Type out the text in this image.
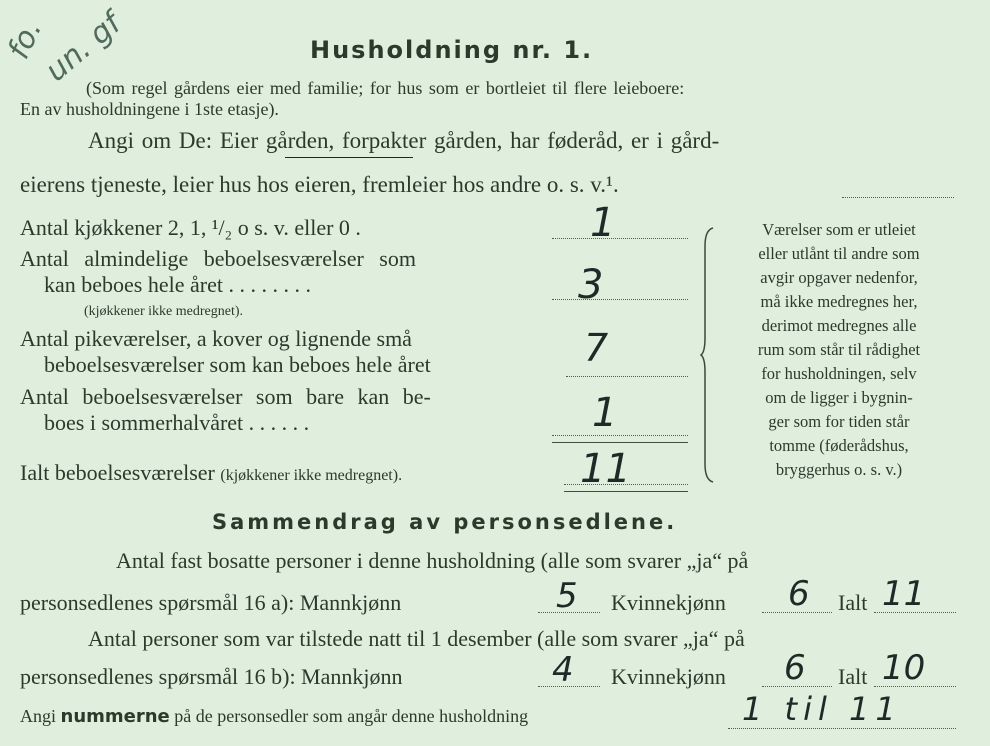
fo.
un. gf	Husholdning nr. 1.
(Som regel gårdens eier med familie; for hus som er bortleiet til flere leieboere:
En av husholdningene i 1ste etasje).
Angi om De: Eier gården, forpakter gården, har føderåd, er i gård-
eierens tjeneste, leier hus hos eieren, fremleier hos andre o. s. v.¹.
Antal kjøkkener 2, 1, ¹/₂ o s. v. eller 0 .	1
Antal almindelige beboelsesværelser som
kan beboes hele året . . . . . . . .
(kjøkkener ikke medregnet).
3
Antal pikeværelser, a kover og lignende små
beboelsesværelser som kan beboes hele året	7
Antal beboelsesværelser som bare kan be-
boes i sommerhalvåret . . . . . .	1
Ialt beboelsesværelser (kjøkkener ikke medregnet).	11
Værelser som er utleiet
eller utlånt til andre som
avgir opgaver nedenfor,
må ikke medregnes her,
derimot medregnes alle
rum som står til rådighet
for husholdningen, selv
om de ligger i bygnin-
ger som for tiden står
tomme (føderådshus,
bryggerhus o. s. v.)
Sammendrag av personsedlene.
Antal fast bosatte personer i denne husholdning (alle som svarer „ja“ på
personsedlenes spørsmål 16 a): Mannkjønn	5 Kvinnekjønn 6 Ialt 11
Antal personer som var tilstede natt til 1 desember (alle som svarer „ja“ på
personsedlenes spørsmål 16 b): Mannkjønn	4 Kvinnekjønn 6 Ialt 10
Angi nummerne på de personsedler som angår denne husholdning	1 til 11
